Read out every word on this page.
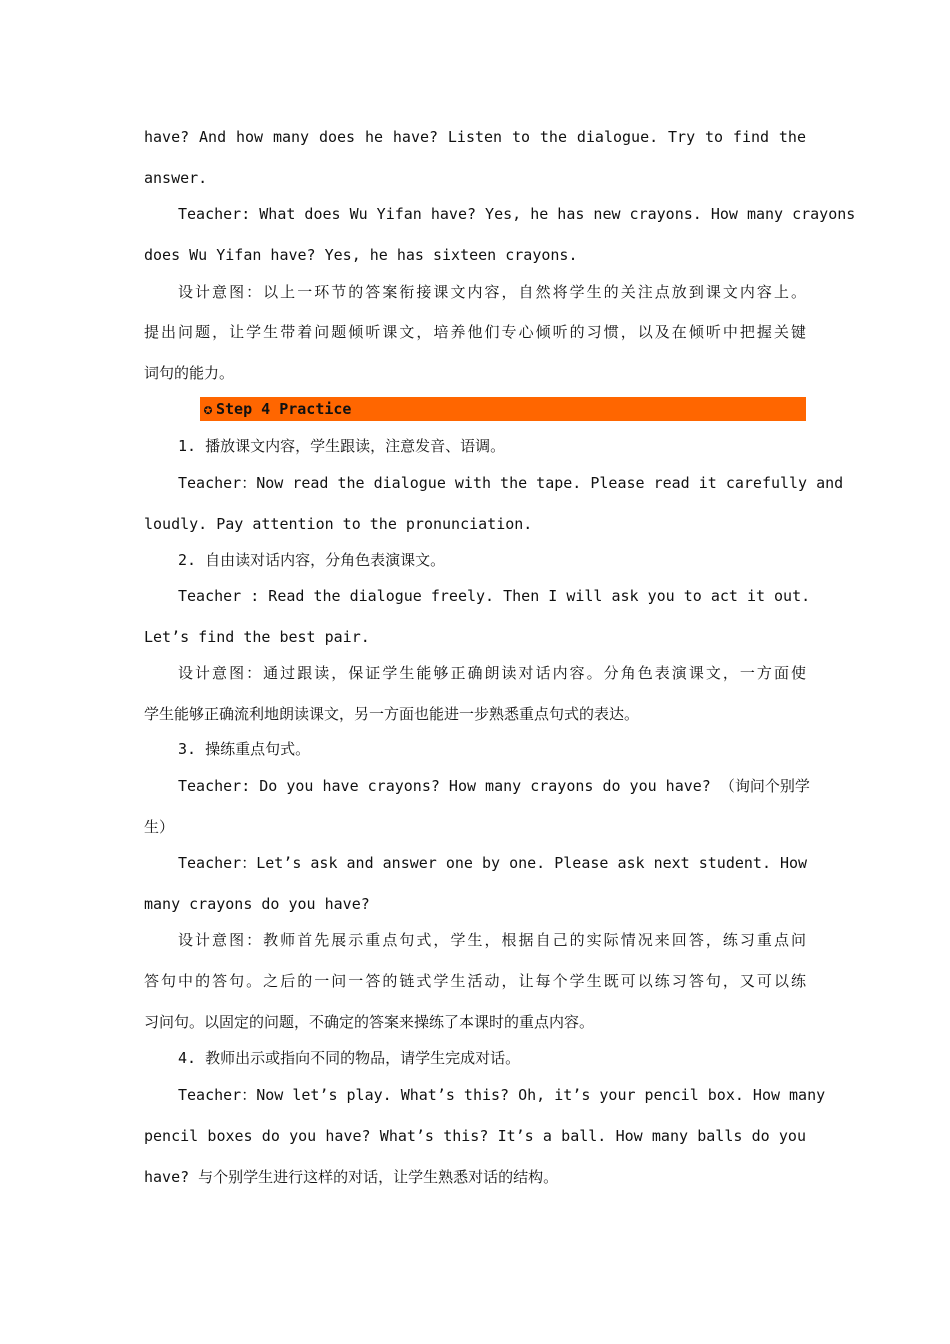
have? And how many does he have? Listen to the dialogue. Try to find the
answer.
Teacher: What does Wu Yifan have? Yes, he has new crayons. How many crayons
does Wu Yifan have? Yes, he has sixteen crayons.
设计意图：以上一环节的答案衔接课文内容，自然将学生的关注点放到课文内容上。
提出问题，让学生带着问题倾听课文，培养他们专心倾听的习惯，以及在倾听中把握关键
词句的能力。
✪ Step 4 Practice
1. 播放课文内容，学生跟读，注意发音、语调。
Teacher：Now read the dialogue with the tape. Please read it carefully and
loudly. Pay attention to the pronunciation.
2. 自由读对话内容，分角色表演课文。
Teacher : Read the dialogue freely. Then I will ask you to act it out.
Let’s find the best pair.
设计意图：通过跟读，保证学生能够正确朗读对话内容。分角色表演课文，一方面使
学生能够正确流利地朗读课文，另一方面也能进一步熟悉重点句式的表达。
3. 操练重点句式。
Teacher: Do you have crayons? How many crayons do you have? （询问个别学
生）
Teacher：Let’s ask and answer one by one. Please ask next student. How
many crayons do you have?
设计意图：教师首先展示重点句式，学生，根据自己的实际情况来回答，练习重点问
答句中的答句。之后的一问一答的链式学生活动，让每个学生既可以练习答句，又可以练
习问句。以固定的问题，不确定的答案来操练了本课时的重点内容。
4. 教师出示或指向不同的物品，请学生完成对话。
Teacher：Now let’s play. What’s this? Oh, it’s your pencil box. How many
pencil boxes do you have? What’s this? It’s a ball. How many balls do you
have? 与个别学生进行这样的对话，让学生熟悉对话的结构。
